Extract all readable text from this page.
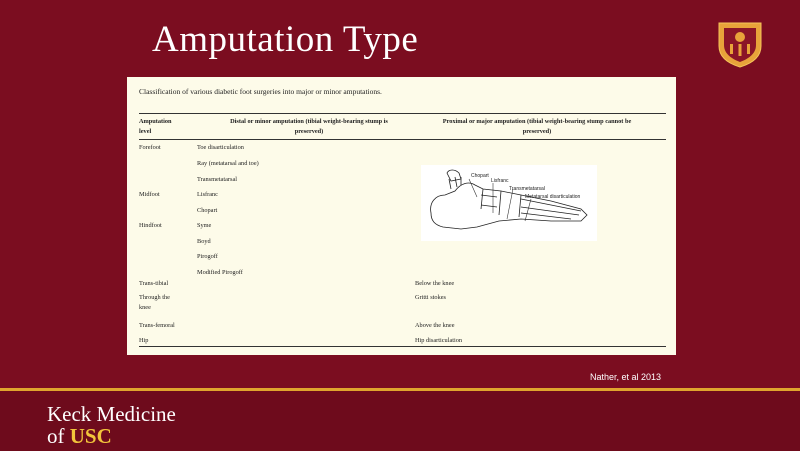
Amputation Type
Classification of various diabetic foot surgeries into major or minor amputations.
Amputation
level
Distal or minor amputation (tibial weight-bearing stump is
preserved)
Proximal or major amputation (tibial weight-bearing stump cannot be
preserved)
Forefoot
Midfoot
Hindfoot
Toe disarticulation
Ray (metatarsal and toe)
Transmetatarsal
Lisfranc
Chopart
Syme
Boyd
Pirogoff
Modified Pirogoff
Chopart
Lisfranc
Transmetatarsal
Metatarsal disarticulation
Trans-tibial
Through the
knee
Trans-femoral
Hip
Below the knee
Gritti stokes
Above the knee
Hip disarticulation
Nather, et al 2013
Keck Medicine
of USC
